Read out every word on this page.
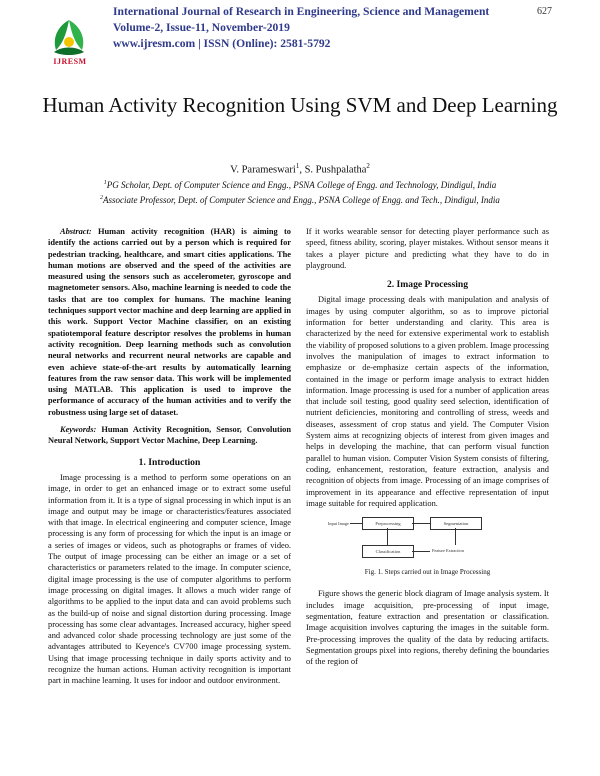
IJRESM
International Journal of Research in Engineering, Science and Management
Volume-2, Issue-11, November-2019
www.ijresm.com | ISSN (Online): 2581-5792
627
Human Activity Recognition Using SVM and Deep Learning
V. Parameswari$^1$, S. Pushpalatha$^2$
$^1$PG Scholar, Dept. of Computer Science and Engg., PSNA College of Engg. and Technology, Dindigul, India
$^2$Associate Professor, Dept. of Computer Science and Engg., PSNA College of Engg. and Tech., Dindigul, India

Abstract: Human activity recognition (HAR) is aiming to identify the actions carried out by a person which is required for pedestrian tracking, healthcare, and smart cities applications. The human motions are observed and the speed of the activities are measured using the sensors such as accelerometer, gyroscope and magnetometer sensors. Also, machine learning is needed to code the tasks that are too complex for humans. The machine leaning techniques support vector machine and deep learning are applied in this work. Support Vector Machine classifier, on an existing spatiotemporal feature descriptor resolves the problems in human activity recognition. Deep learning methods such as convolution neural networks and recurrent neural networks are capable and even achieve state-of-the-art results by automatically learning features from the raw sensor data. This work will be implemented using MATLAB. This application is used to improve the performance of accuracy of the human activities and to verify the robustness using large set of dataset.

Keywords: Human Activity Recognition, Sensor, Convolution Neural Network, Support Vector Machine, Deep Learning.

1. Introduction

Image processing is a method to perform some operations on an image, in order to get an enhanced image or to extract some useful information from it. It is a type of signal processing in which input is an image and output may be image or characteristics/features associated with that image. In electrical engineering and computer science, Image processing is any form of processing for which the input is an image or a series of images or videos, such as photographs or frames of video. The output of image processing can be either an image or a set of characteristics or parameters related to the image. In computer science, digital image processing is the use of computer algorithms to perform image processing on digital images. It allows a much wider range of algorithms to be applied to the input data and can avoid problems such as the build-up of noise and signal distortion during processing. Image processing has some clear advantages. Increased accuracy, higher speed and advanced color shade processing technology are just some of the advantages attributed to Keyence's CV700 image processing system. Using that image processing technique in daily sports activity and to recognize the human actions. Human activity recognition is important part in machine learning. It uses for indoor and outdoor environment.

If it works wearable sensor for detecting player performance such as speed, fitness ability, scoring, player mistakes. Without sensor means it takes a player picture and predicting what they have to do in playground.

2. Image Processing

Digital image processing deals with manipulation and analysis of images by using computer algorithm, so as to improve pictorial information for better understanding and clarity. This area is characterized by the need for extensive experimental work to establish the viability of proposed solutions to a given problem. Image processing involves the manipulation of images to extract information to emphasize or de-emphasize certain aspects of the information, contained in the image or perform image analysis to extract hidden information. Image processing is used for a number of application areas that include soil testing, good quality seed selection, identification of nutrient deficiencies, monitoring and controlling of stress, weeds and diseases, assessment of crop status and yield. The Computer Vision System aims at recognizing objects of interest from given images and helps in developing the machine, that can perform visual function parallel to human vision. Computer Vision System consists of filtering, coding, enhancement, restoration, feature extraction, analysis and recognition of objects from image. Processing of an image comprises of improvement in its appearance and effective representation of input image suitable for required application.

Input Image	Preprocessing	Segmentation
Classification	Feature Extraction

Fig. 1. Steps carried out in Image Processing

Figure shows the generic block diagram of Image analysis system. It includes image acquisition, pre-processing of input image, segmentation, feature extraction and presentation or classification. Image acquisition involves capturing the images in the suitable form. Pre-processing improves the quality of the data by reducing artifacts. Segmentation groups pixel into regions, thereby defining the boundaries of the region of
